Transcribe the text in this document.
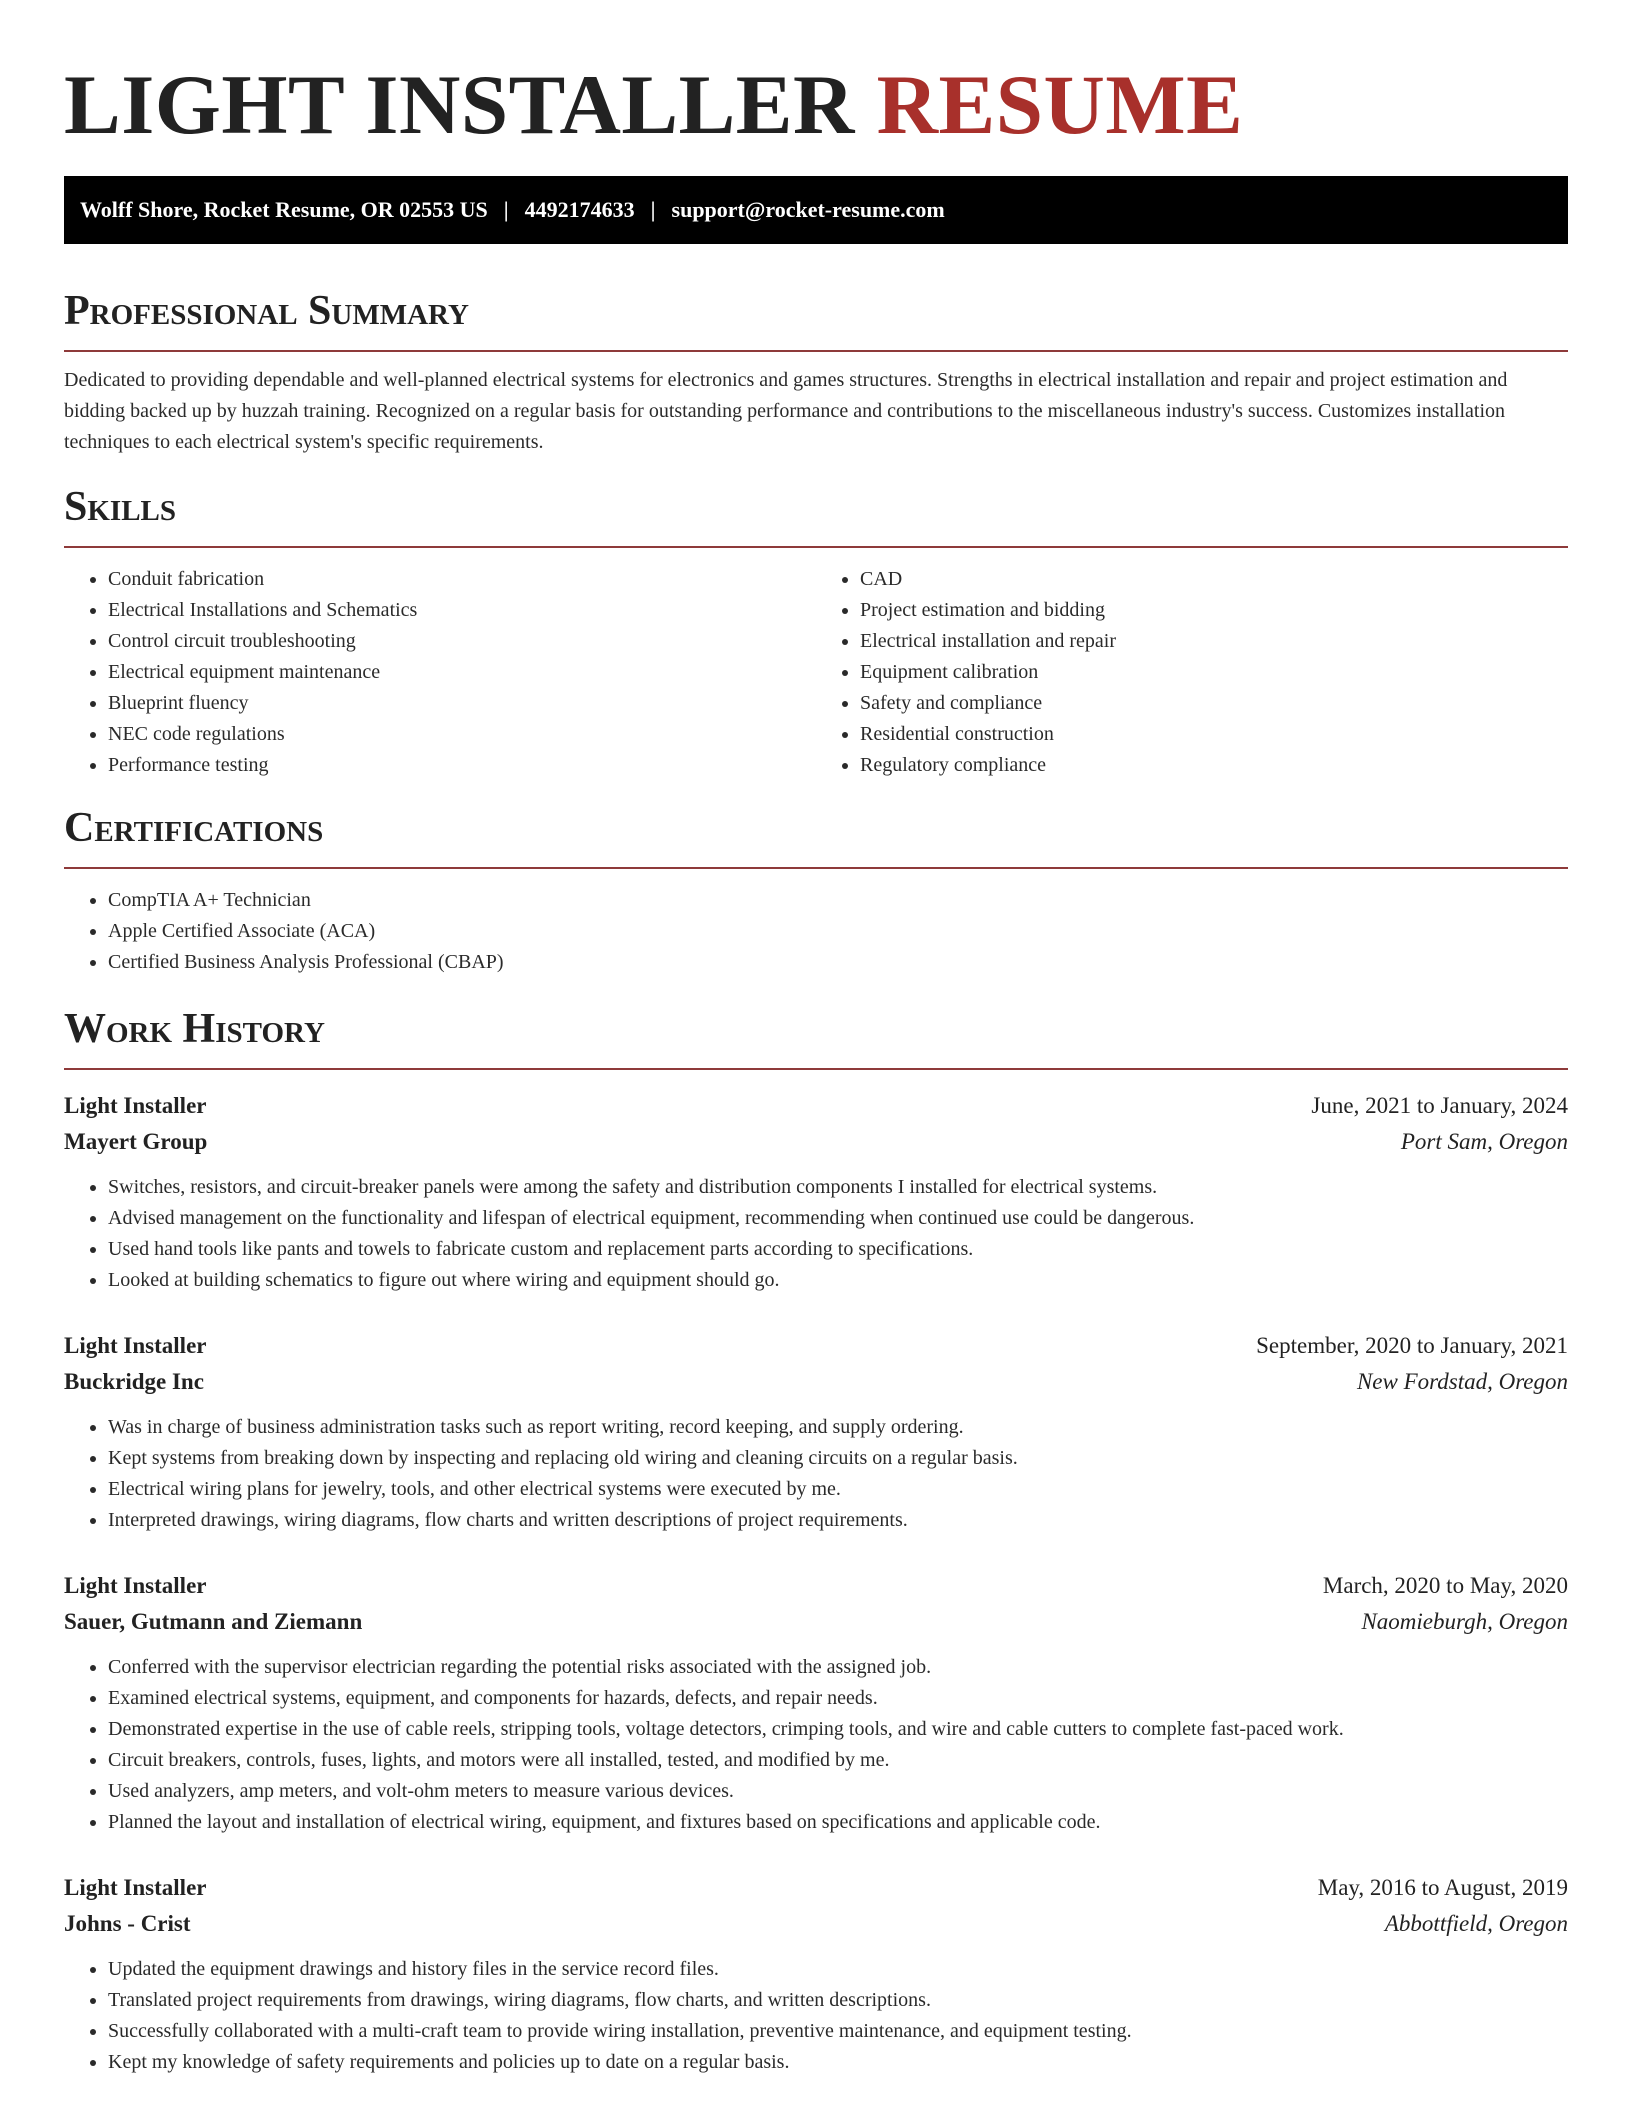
LIGHT INSTALLER RESUME
Wolff Shore, Rocket Resume, OR 02553 US | 4492174633 | support@rocket-resume.com
Professional Summary

Dedicated to providing dependable and well-planned electrical systems for electronics and games structures. Strengths in electrical installation and repair and project estimation and bidding backed up by huzzah training. Recognized on a regular basis for outstanding performance and contributions to the miscellaneous industry's success. Customizes installation techniques to each electrical system's specific requirements.

Skills
• Conduit fabrication
• Electrical Installations and Schematics
• Control circuit troubleshooting
• Electrical equipment maintenance
• Blueprint fluency
• NEC code regulations
• Performance testing
• CAD
• Project estimation and bidding
• Electrical installation and repair
• Equipment calibration
• Safety and compliance
• Residential construction
• Regulatory compliance
Certifications
• CompTIA A+ Technician
• Apple Certified Associate (ACA)
• Certified Business Analysis Professional (CBAP)
Work History
Light Installer	June, 2021 to January, 2024
Mayert Group	Port Sam, Oregon
• Switches, resistors, and circuit-breaker panels were among the safety and distribution components I installed for electrical systems.
• Advised management on the functionality and lifespan of electrical equipment, recommending when continued use could be dangerous.
• Used hand tools like pants and towels to fabricate custom and replacement parts according to specifications.
• Looked at building schematics to figure out where wiring and equipment should go.
Light Installer	September, 2020 to January, 2021
Buckridge Inc	New Fordstad, Oregon
• Was in charge of business administration tasks such as report writing, record keeping, and supply ordering.
• Kept systems from breaking down by inspecting and replacing old wiring and cleaning circuits on a regular basis.
• Electrical wiring plans for jewelry, tools, and other electrical systems were executed by me.
• Interpreted drawings, wiring diagrams, flow charts and written descriptions of project requirements.
Light Installer	March, 2020 to May, 2020
Sauer, Gutmann and Ziemann	Naomieburgh, Oregon
• Conferred with the supervisor electrician regarding the potential risks associated with the assigned job.
• Examined electrical systems, equipment, and components for hazards, defects, and repair needs.
• Demonstrated expertise in the use of cable reels, stripping tools, voltage detectors, crimping tools, and wire and cable cutters to complete fast-paced work.
• Circuit breakers, controls, fuses, lights, and motors were all installed, tested, and modified by me.
• Used analyzers, amp meters, and volt-ohm meters to measure various devices.
• Planned the layout and installation of electrical wiring, equipment, and fixtures based on specifications and applicable code.
Light Installer	May, 2016 to August, 2019
Johns - Crist	Abbottfield, Oregon
• Updated the equipment drawings and history files in the service record files.
• Translated project requirements from drawings, wiring diagrams, flow charts, and written descriptions.
• Successfully collaborated with a multi-craft team to provide wiring installation, preventive maintenance, and equipment testing.
• Kept my knowledge of safety requirements and policies up to date on a regular basis.
